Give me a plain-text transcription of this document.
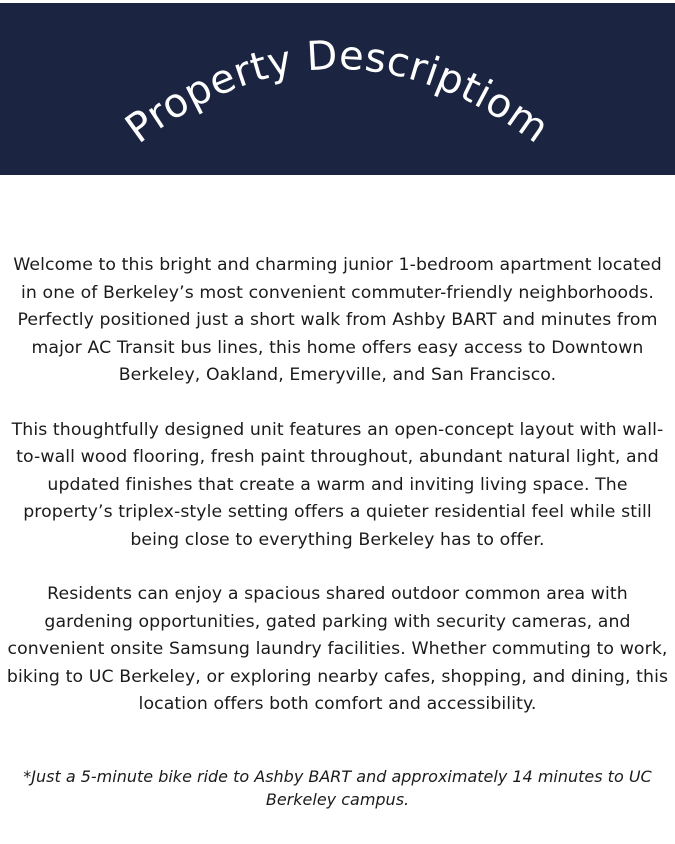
Property Descriptiom

Welcome to this bright and charming junior 1-bedroom apartment located in one of Berkeley’s most convenient commuter-friendly neighborhoods. Perfectly positioned just a short walk from Ashby BART and minutes from major AC Transit bus lines, this home offers easy access to Downtown Berkeley, Oakland, Emeryville, and San Francisco.

This thoughtfully designed unit features an open-concept layout with wall-to-wall wood flooring, fresh paint throughout, abundant natural light, and updated finishes that create a warm and inviting living space. The property’s triplex-style setting offers a quieter residential feel while still being close to everything Berkeley has to offer.

Residents can enjoy a spacious shared outdoor common area with gardening opportunities, gated parking with security cameras, and convenient onsite Samsung laundry facilities. Whether commuting to work, biking to UC Berkeley, or exploring nearby cafes, shopping, and dining, this location offers both comfort and accessibility.

*Just a 5-minute bike ride to Ashby BART and approximately 14 minutes to UC Berkeley campus.
